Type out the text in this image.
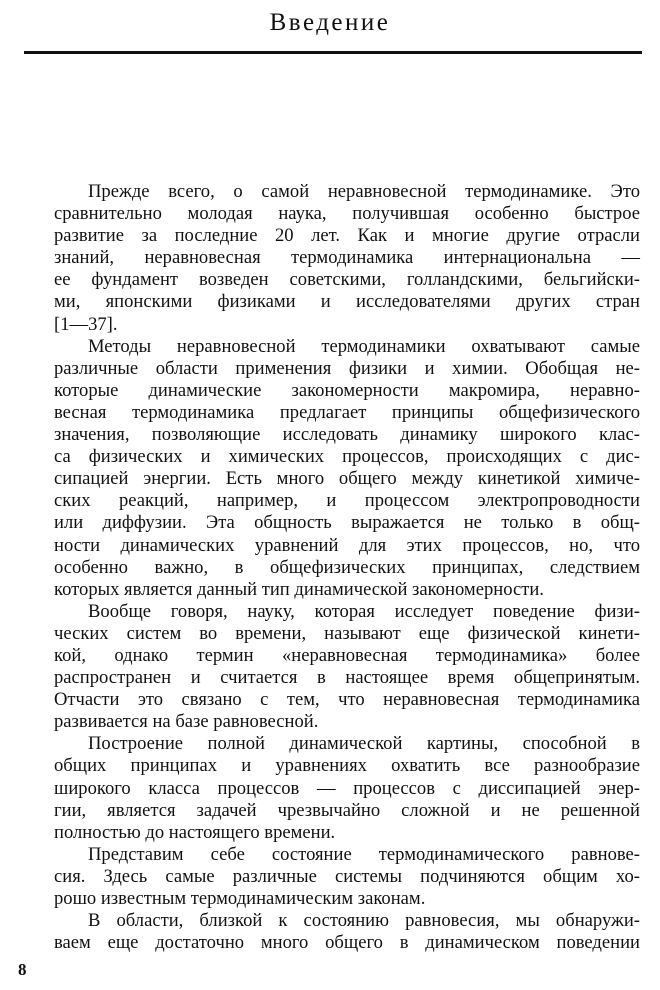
Введение

Прежде всего, о самой неравновесной термодинамике. Это
сравнительно молодая наука, получившая особенно быстрое
развитие за последние 20 лет. Как и многие другие отрасли
знаний, неравновесная термодинамика интернациональна —
ее фундамент возведен советскими, голландскими, бельгийски-
ми, японскими физиками и исследователями других стран
[1—37].

Методы неравновесной термодинамики охватывают самые
различные области применения физики и химии. Обобщая не-
которые динамические закономерности макромира, неравно-
весная термодинамика предлагает принципы общефизического
значения, позволяющие исследовать динамику широкого клас-
са физических и химических процессов, происходящих с дис-
сипацией энергии. Есть много общего между кинетикой химиче-
ских реакций, например, и процессом электропроводности
или диффузии. Эта общность выражается не только в общ-
ности динамических уравнений для этих процессов, но, что
особенно важно, в общефизических принципах, следствием
которых является данный тип динамической закономерности.

Вообще говоря, науку, которая исследует поведение физи-
ческих систем во времени, называют еще физической кинети-
кой, однако термин «неравновесная термодинамика» более
распространен и считается в настоящее время общепринятым.
Отчасти это связано с тем, что неравновесная термодинамика
развивается на базе равновесной.

Построение полной динамической картины, способной в
общих принципах и уравнениях охватить все разнообразие
широкого класса процессов — процессов с диссипацией энер-
гии, является задачей чрезвычайно сложной и не решенной
полностью до настоящего времени.

Представим себе состояние термодинамического равнове-
сия. Здесь самые различные системы подчиняются общим хо-
рошо известным термодинамическим законам.

В области, близкой к состоянию равновесия, мы обнаружи-
ваем еще достаточно много общего в динамическом поведении

8
